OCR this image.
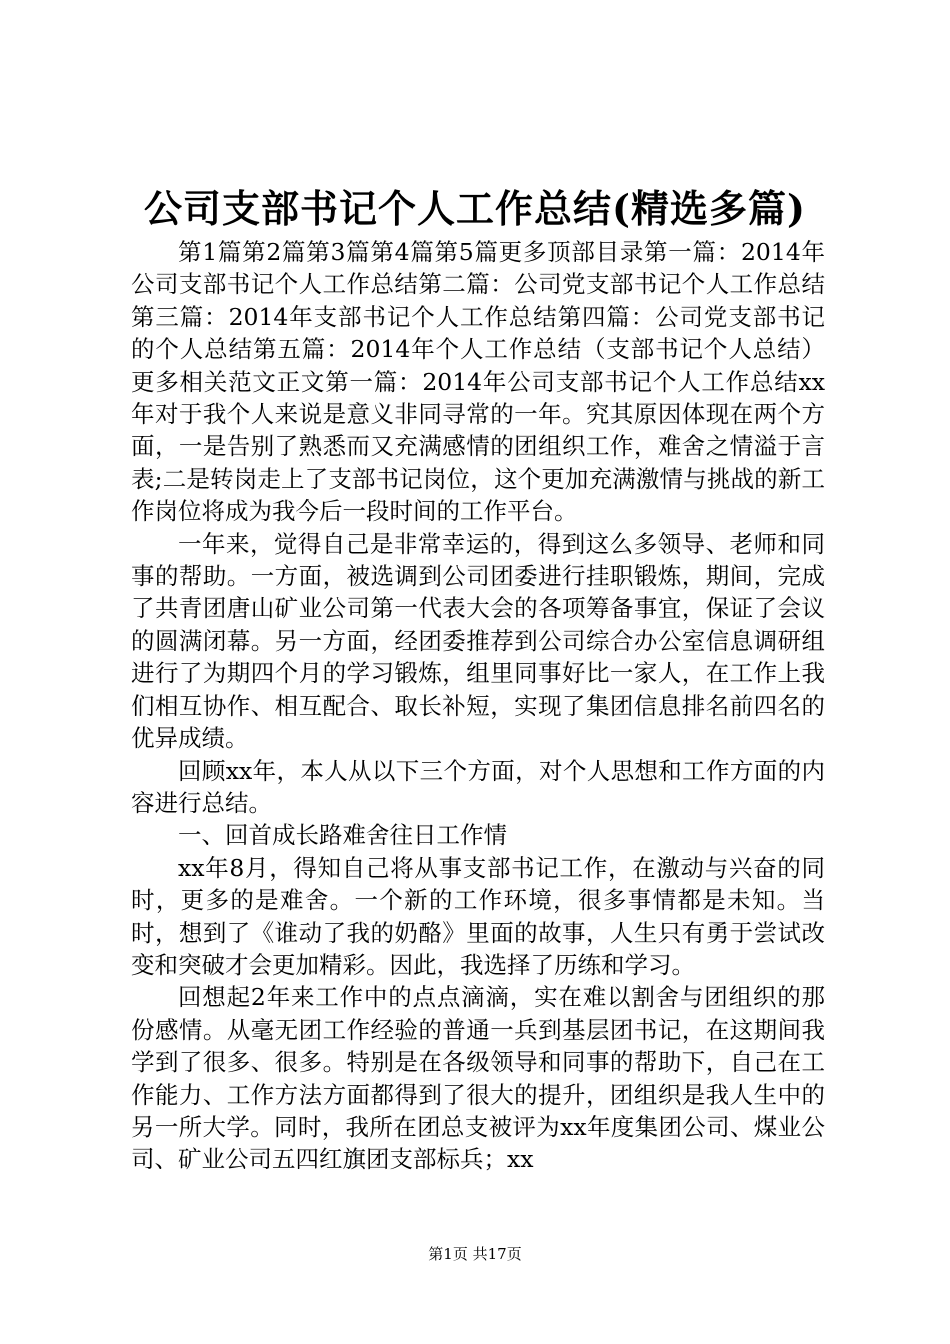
公司支部书记个人工作总结(精选多篇)

第1篇第2篇第3篇第4篇第5篇更多顶部目录第一篇：2014年公司支部书记个人工作总结第二篇：公司党支部书记个人工作总结第三篇：2014年支部书记个人工作总结第四篇：公司党支部书记的个人总结第五篇：2014年个人工作总结（支部书记个人总结）更多相关范文正文第一篇：2014年公司支部书记个人工作总结xx年对于我个人来说是意义非同寻常的一年。究其原因体现在两个方面，一是告别了熟悉而又充满感情的团组织工作，难舍之情溢于言表;二是转岗走上了支部书记岗位，这个更加充满激情与挑战的新工作岗位将成为我今后一段时间的工作平台。

一年来，觉得自己是非常幸运的，得到这么多领导、老师和同事的帮助。一方面，被选调到公司团委进行挂职锻炼，期间，完成了共青团唐山矿业公司第一代表大会的各项筹备事宜，保证了会议的圆满闭幕。另一方面，经团委推荐到公司综合办公室信息调研组进行了为期四个月的学习锻炼，组里同事好比一家人，在工作上我们相互协作、相互配合、取长补短，实现了集团信息排名前四名的优异成绩。

回顾xx年，本人从以下三个方面，对个人思想和工作方面的内容进行总结。

一、回首成长路难舍往日工作情

xx年8月，得知自己将从事支部书记工作，在激动与兴奋的同时，更多的是难舍。一个新的工作环境，很多事情都是未知。当时，想到了《谁动了我的奶酪》里面的故事，人生只有勇于尝试改变和突破才会更加精彩。因此，我选择了历练和学习。

回想起2年来工作中的点点滴滴，实在难以割舍与团组织的那份感情。从毫无团工作经验的普通一兵到基层团书记，在这期间我学到了很多、很多。特别是在各级领导和同事的帮助下，自己在工作能力、工作方法方面都得到了很大的提升，团组织是我人生中的另一所大学。同时，我所在团总支被评为xx年度集团公司、煤业公司、矿业公司五四红旗团支部标兵；xx

第1页 共17页
